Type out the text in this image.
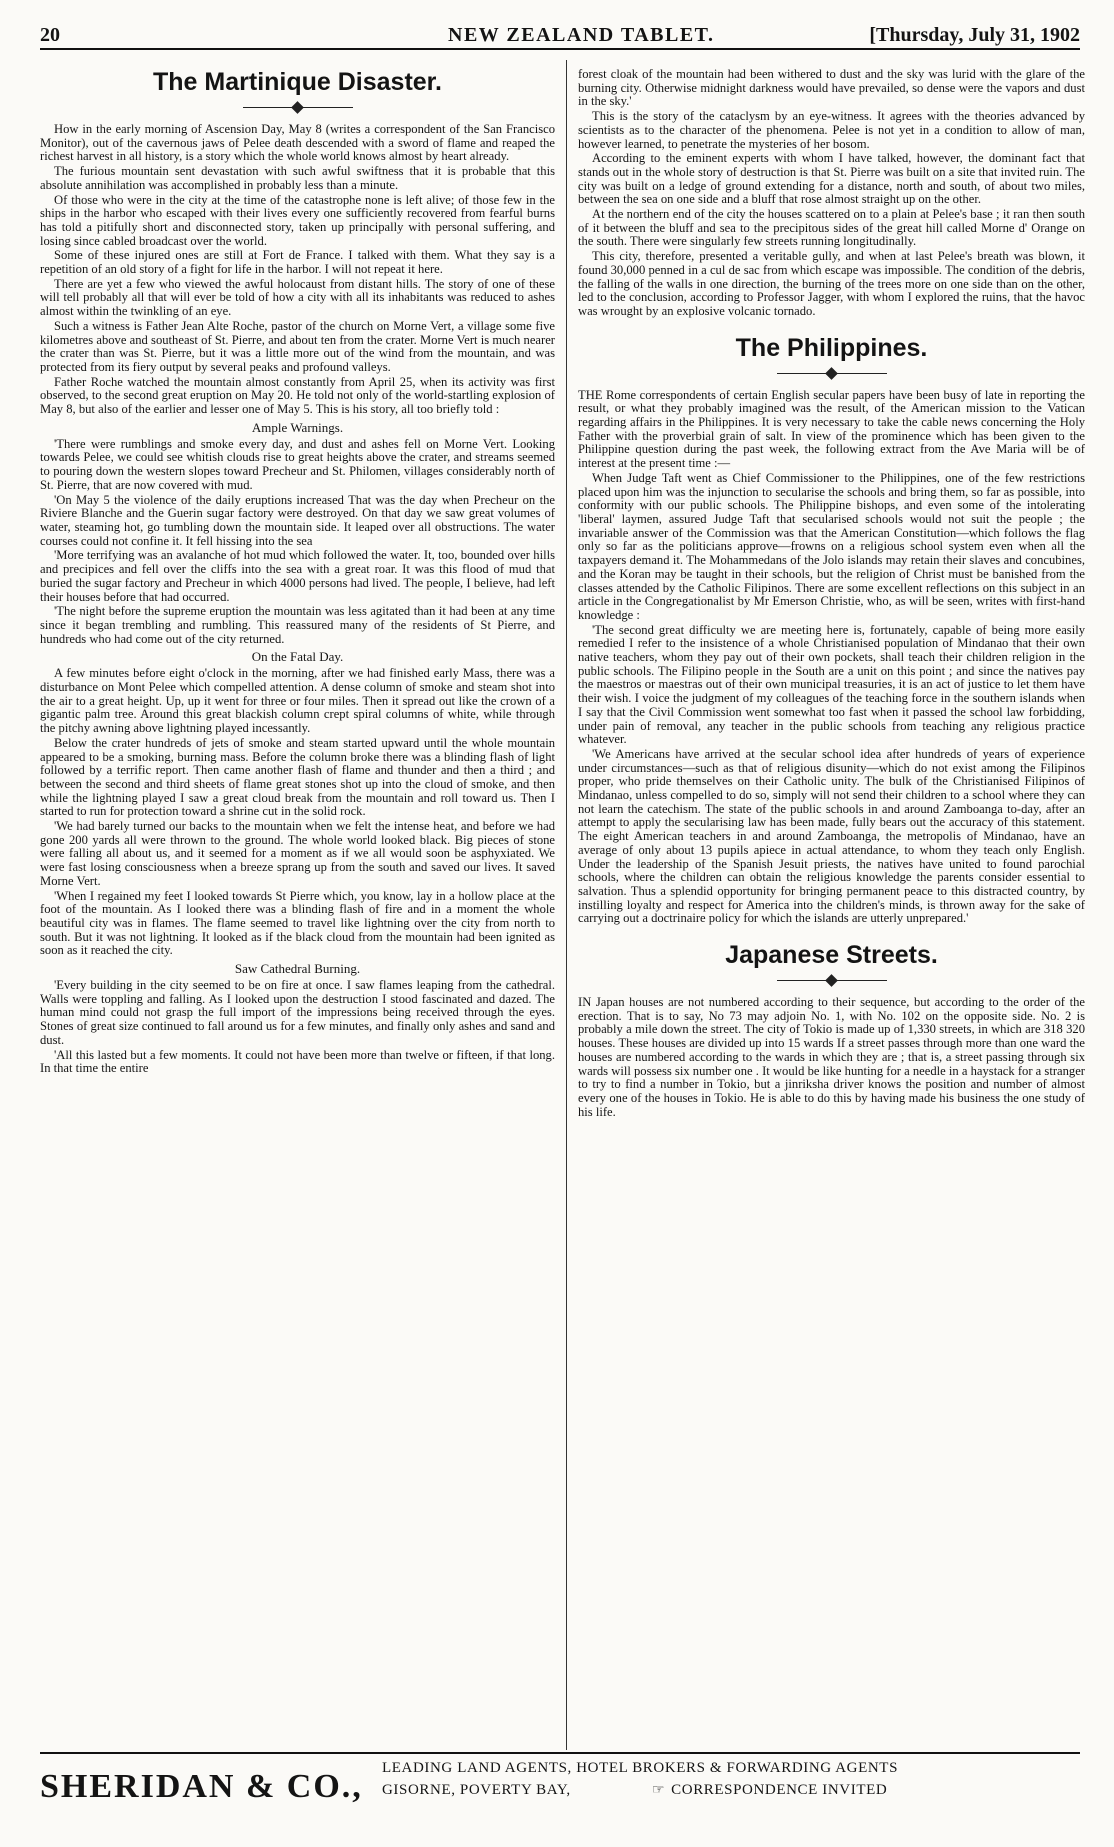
20	NEW ZEALAND TABLET.	[Thursday, July 31, 1902
The Martinique Disaster.

How in the early morning of Ascension Day, May 8 (writes a correspondent of the San Francisco Monitor), out of the cavernous jaws of Pelee death descended with a sword of flame and reaped the richest harvest in all history, is a story which the whole world knows almost by heart already.

The furious mountain sent devastation with such awful swiftness that it is probable that this absolute annihilation was accomplished in probably less than a minute.

Of those who were in the city at the time of the catastrophe none is left alive; of those few in the ships in the harbor who escaped with their lives every one sufficiently recovered from fearful burns has told a pitifully short and disconnected story, taken up principally with personal suffering, and losing since cabled broadcast over the world.

Some of these injured ones are still at Fort de France. I talked with them. What they say is a repetition of an old story of a fight for life in the harbor. I will not repeat it here.

There are yet a few who viewed the awful holocaust from distant hills. The story of one of these will tell probably all that will ever be told of how a city with all its inhabitants was reduced to ashes almost within the twinkling of an eye.

Such a witness is Father Jean Alte Roche, pastor of the church on Morne Vert, a village some five kilometres above and southeast of St. Pierre, and about ten from the crater. Morne Vert is much nearer the crater than was St. Pierre, but it was a little more out of the wind from the mountain, and was protected from its fiery output by several peaks and profound valleys.

Father Roche watched the mountain almost constantly from April 25, when its activity was first observed, to the second great eruption on May 20. He told not only of the world-startling explosion of May 8, but also of the earlier and lesser one of May 5. This is his story, all too briefly told :

Ample Warnings.

'There were rumblings and smoke every day, and dust and ashes fell on Morne Vert. Looking towards Pelee, we could see whitish clouds rise to great heights above the crater, and streams seemed to pouring down the western slopes toward Precheur and St. Philomen, villages considerably north of St. Pierre, that are now covered with mud.

'On May 5 the violence of the daily eruptions increased That was the day when Precheur on the Riviere Blanche and the Guerin sugar factory were destroyed. On that day we saw great volumes of water, steaming hot, go tumbling down the mountain side. It leaped over all obstructions. The water courses could not confine it. It fell hissing into the sea

'More terrifying was an avalanche of hot mud which followed the water. It, too, bounded over hills and precipices and fell over the cliffs into the sea with a great roar. It was this flood of mud that buried the sugar factory and Precheur in which 4000 persons had lived. The people, I believe, had left their houses before that had occurred.

'The night before the supreme eruption the mountain was less agitated than it had been at any time since it began trembling and rumbling. This reassured many of the residents of St Pierre, and hundreds who had come out of the city returned.

On the Fatal Day.

A few minutes before eight o'clock in the morning, after we had finished early Mass, there was a disturbance on Mont Pelee which compelled attention. A dense column of smoke and steam shot into the air to a great height. Up, up it went for three or four miles. Then it spread out like the crown of a gigantic palm tree. Around this great blackish column crept spiral columns of white, while through the pitchy awning above lightning played incessantly.

Below the crater hundreds of jets of smoke and steam started upward until the whole mountain appeared to be a smoking, burning mass. Before the column broke there was a blinding flash of light followed by a terrific report. Then came another flash of flame and thunder and then a third ; and between the second and third sheets of flame great stones shot up into the cloud of smoke, and then while the lightning played I saw a great cloud break from the mountain and roll toward us. Then I started to run for protection toward a shrine cut in the solid rock.

'We had barely turned our backs to the mountain when we felt the intense heat, and before we had gone 200 yards all were thrown to the ground. The whole world looked black. Big pieces of stone were falling all about us, and it seemed for a moment as if we all would soon be asphyxiated. We were fast losing consciousness when a breeze sprang up from the south and saved our lives. It saved Morne Vert.

'When I regained my feet I looked towards St Pierre which, you know, lay in a hollow place at the foot of the mountain. As I looked there was a blinding flash of fire and in a moment the whole beautiful city was in flames. The flame seemed to travel like lightning over the city from north to south. But it was not lightning. It looked as if the black cloud from the mountain had been ignited as soon as it reached the city.

Saw Cathedral Burning.

'Every building in the city seemed to be on fire at once. I saw flames leaping from the cathedral. Walls were toppling and falling. As I looked upon the destruction I stood fascinated and dazed. The human mind could not grasp the full import of the impressions being received through the eyes. Stones of great size continued to fall around us for a few minutes, and finally only ashes and sand and dust.

'All this lasted but a few moments. It could not have been more than twelve or fifteen, if that long. In that time the entire

forest cloak of the mountain had been withered to dust and the sky was lurid with the glare of the burning city. Otherwise midnight darkness would have prevailed, so dense were the vapors and dust in the sky.'

This is the story of the cataclysm by an eye-witness. It agrees with the theories advanced by scientists as to the character of the phenomena. Pelee is not yet in a condition to allow of man, however learned, to penetrate the mysteries of her bosom.

According to the eminent experts with whom I have talked, however, the dominant fact that stands out in the whole story of destruction is that St. Pierre was built on a site that invited ruin. The city was built on a ledge of ground extending for a distance, north and south, of about two miles, between the sea on one side and a bluff that rose almost straight up on the other.

At the northern end of the city the houses scattered on to a plain at Pelee's base ; it ran then south of it between the bluff and sea to the precipitous sides of the great hill called Morne d' Orange on the south. There were singularly few streets running longitudinally.

This city, therefore, presented a veritable gully, and when at last Pelee's breath was blown, it found 30,000 penned in a cul de sac from which escape was impossible. The condition of the debris, the falling of the walls in one direction, the burning of the trees more on one side than on the other, led to the conclusion, according to Professor Jagger, with whom I explored the ruins, that the havoc was wrought by an explosive volcanic tornado.

The Philippines.

THE Rome correspondents of certain English secular papers have been busy of late in reporting the result, or what they probably imagined was the result, of the American mission to the Vatican regarding affairs in the Philippines. It is very necessary to take the cable news concerning the Holy Father with the proverbial grain of salt. In view of the prominence which has been given to the Philippine question during the past week, the following extract from the Ave Maria will be of interest at the present time :—

When Judge Taft went as Chief Commissioner to the Philippines, one of the few restrictions placed upon him was the injunction to secularise the schools and bring them, so far as possible, into conformity with our public schools. The Philippine bishops, and even some of the intolerating 'liberal' laymen, assured Judge Taft that secularised schools would not suit the people ; the invariable answer of the Commission was that the American Constitution—which follows the flag only so far as the politicians approve—frowns on a religious school system even when all the taxpayers demand it. The Mohammedans of the Jolo islands may retain their slaves and concubines, and the Koran may be taught in their schools, but the religion of Christ must be banished from the classes attended by the Catholic Filipinos. There are some excellent reflections on this subject in an article in the Congregationalist by Mr Emerson Christie, who, as will be seen, writes with first-hand knowledge :

'The second great difficulty we are meeting here is, fortunately, capable of being more easily remedied I refer to the insistence of a whole Christianised population of Mindanao that their own native teachers, whom they pay out of their own pockets, shall teach their children religion in the public schools. The Filipino people in the South are a unit on this point ; and since the natives pay the maestros or maestras out of their own municipal treasuries, it is an act of justice to let them have their wish. I voice the judgment of my colleagues of the teaching force in the southern islands when I say that the Civil Commission went somewhat too fast when it passed the school law forbidding, under pain of removal, any teacher in the public schools from teaching any religious practice whatever.

'We Americans have arrived at the secular school idea after hundreds of years of experience under circumstances—such as that of religious disunity—which do not exist among the Filipinos proper, who pride themselves on their Catholic unity. The bulk of the Christianised Filipinos of Mindanao, unless compelled to do so, simply will not send their children to a school where they can not learn the catechism. The state of the public schools in and around Zamboanga to-day, after an attempt to apply the secularising law has been made, fully bears out the accuracy of this statement. The eight American teachers in and around Zamboanga, the metropolis of Mindanao, have an average of only about 13 pupils apiece in actual attendance, to whom they teach only English. Under the leadership of the Spanish Jesuit priests, the natives have united to found parochial schools, where the children can obtain the religious knowledge the parents consider essential to salvation. Thus a splendid opportunity for bringing permanent peace to this distracted country, by instilling loyalty and respect for America into the children's minds, is thrown away for the sake of carrying out a doctrinaire policy for which the islands are utterly unprepared.'

Japanese Streets.

IN Japan houses are not numbered according to their sequence, but according to the order of the erection. That is to say, No 73 may adjoin No. 1, with No. 102 on the opposite side. No. 2 is probably a mile down the street. The city of Tokio is made up of 1,330 streets, in which are 318 320 houses. These houses are divided up into 15 wards If a street passes through more than one ward the houses are numbered according to the wards in which they are ; that is, a street passing through six wards will possess six number one . It would be like hunting for a needle in a haystack for a stranger to try to find a number in Tokio, but a jinriksha driver knows the position and number of almost every one of the houses in Tokio. He is able to do this by having made his business the one study of his life.

SHERIDAN & CO., LEADING LAND AGENTS, HOTEL BROKERS & FORWARDING AGENTS
GISORNE, POVERTY BAY,	☞ CORRESPONDENCE INVITED
